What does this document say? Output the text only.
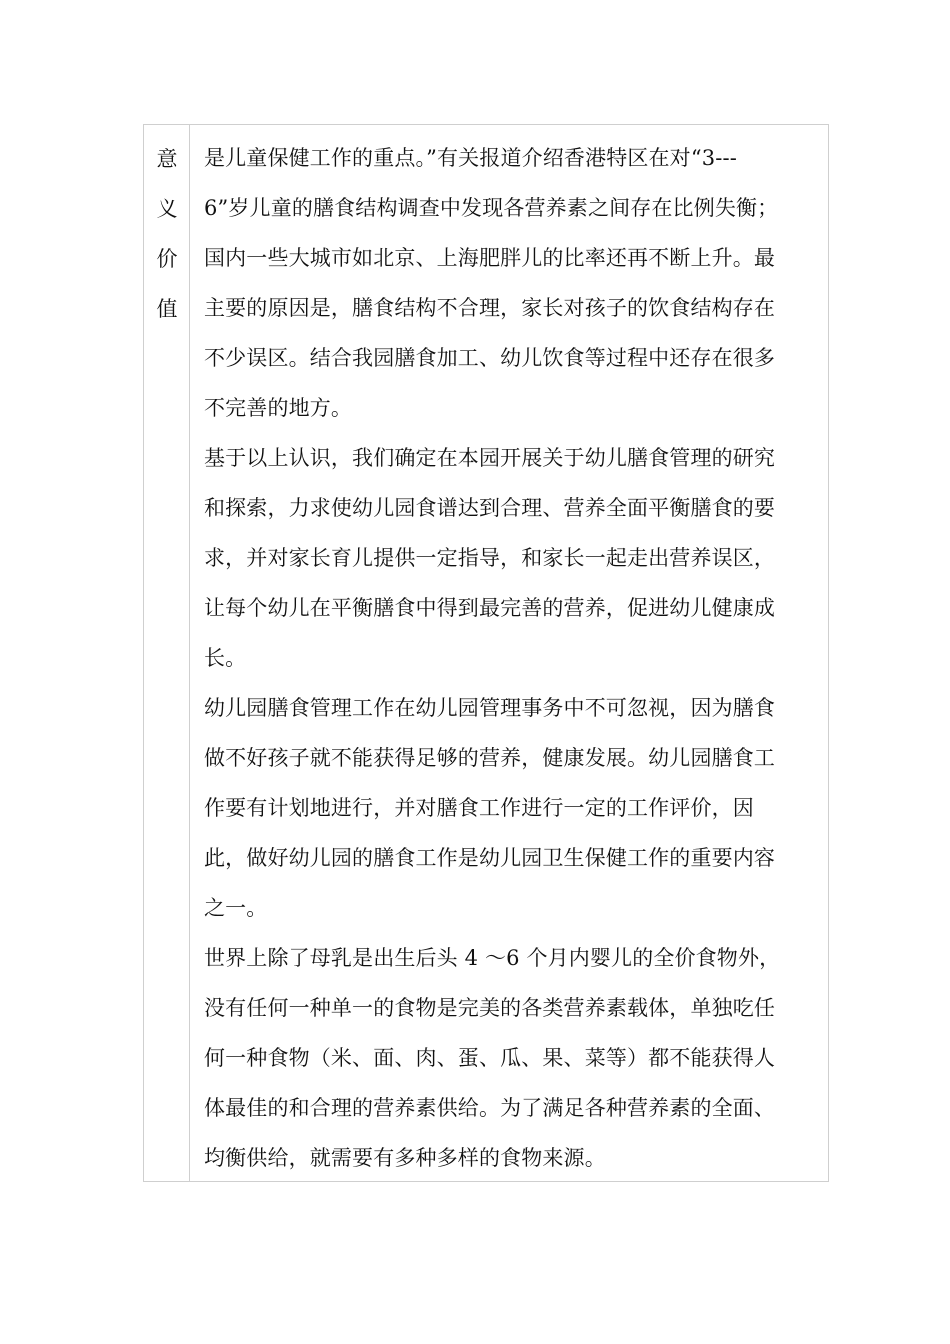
意
义
价
值
是儿童保健工作的重点。”有关报道介绍香港特区在对“3---
6”岁儿童的膳食结构调查中发现各营养素之间存在比例失衡；
国内一些大城市如北京、上海肥胖儿的比率还再不断上升。最
主要的原因是，膳食结构不合理，家长对孩子的饮食结构存在
不少误区。结合我园膳食加工、幼儿饮食等过程中还存在很多
不完善的地方。
基于以上认识，我们确定在本园开展关于幼儿膳食管理的研究
和探索，力求使幼儿园食谱达到合理、营养全面平衡膳食的要
求，并对家长育儿提供一定指导，和家长一起走出营养误区，
让每个幼儿在平衡膳食中得到最完善的营养，促进幼儿健康成
长。
幼儿园膳食管理工作在幼儿园管理事务中不可忽视，因为膳食
做不好孩子就不能获得足够的营养，健康发展。幼儿园膳食工
作要有计划地进行，并对膳食工作进行一定的工作评价，因
此，做好幼儿园的膳食工作是幼儿园卫生保健工作的重要内容
之一。
世界上除了母乳是出生后头 4 ～6 个月内婴儿的全价食物外，
没有任何一种单一的食物是完美的各类营养素载体，单独吃任
何一种食物（米、面、肉、蛋、瓜、果、菜等）都不能获得人
体最佳的和合理的营养素供给。为了满足各种营养素的全面、
均衡供给，就需要有多种多样的食物来源。
